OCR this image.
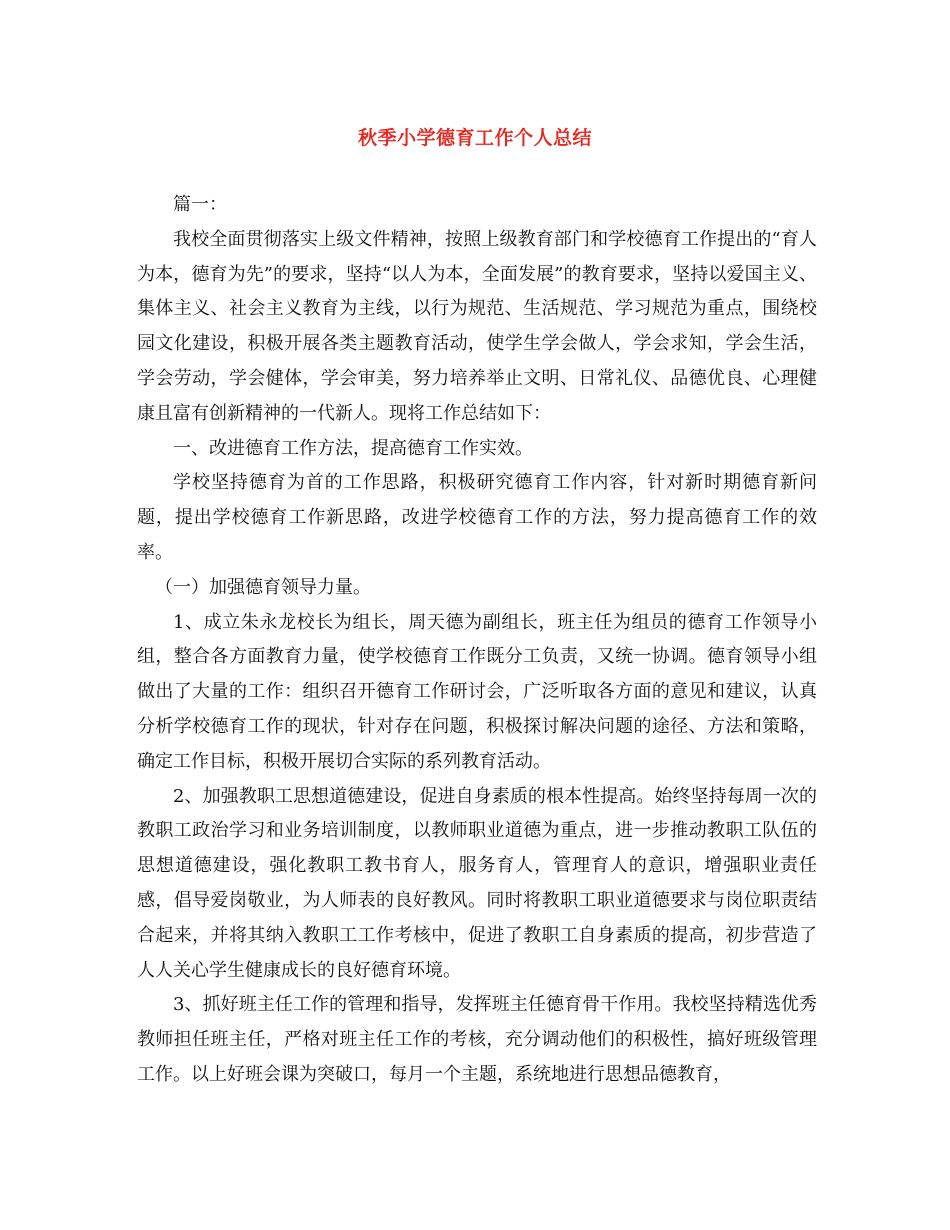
秋季小学德育工作个人总结

篇一：

我校全面贯彻落实上级文件精神，按照上级教育部门和学校德育工作提出的“育人为本，德育为先”的要求，坚持“以人为本，全面发展”的教育要求，坚持以爱国主义、集体主义、社会主义教育为主线，以行为规范、生活规范、学习规范为重点，围绕校园文化建设，积极开展各类主题教育活动，使学生学会做人，学会求知，学会生活，学会劳动，学会健体，学会审美，努力培养举止文明、日常礼仪、品德优良、心理健康且富有创新精神的一代新人。现将工作总结如下：

一、改进德育工作方法，提高德育工作实效。

学校坚持德育为首的工作思路，积极研究德育工作内容，针对新时期德育新问题，提出学校德育工作新思路，改进学校德育工作的方法，努力提高德育工作的效率。

（一）加强德育领导力量。

1、成立朱永龙校长为组长，周天德为副组长，班主任为组员的德育工作领导小组，整合各方面教育力量，使学校德育工作既分工负责，又统一协调。德育领导小组做出了大量的工作：组织召开德育工作研讨会，广泛听取各方面的意见和建议，认真分析学校德育工作的现状，针对存在问题，积极探讨解决问题的途径、方法和策略，确定工作目标，积极开展切合实际的系列教育活动。

2、加强教职工思想道德建设，促进自身素质的根本性提高。始终坚持每周一次的教职工政治学习和业务培训制度，以教师职业道德为重点，进一步推动教职工队伍的思想道德建设，强化教职工教书育人，服务育人，管理育人的意识，增强职业责任感，倡导爱岗敬业，为人师表的良好教风。同时将教职工职业道德要求与岗位职责结合起来，并将其纳入教职工工作考核中，促进了教职工自身素质的提高，初步营造了人人关心学生健康成长的良好德育环境。

3、抓好班主任工作的管理和指导，发挥班主任德育骨干作用。我校坚持精选优秀教师担任班主任，严格对班主任工作的考核，充分调动他们的积极性，搞好班级管理工作。以上好班会课为突破口，每月一个主题，系统地进行思想品德教育，
